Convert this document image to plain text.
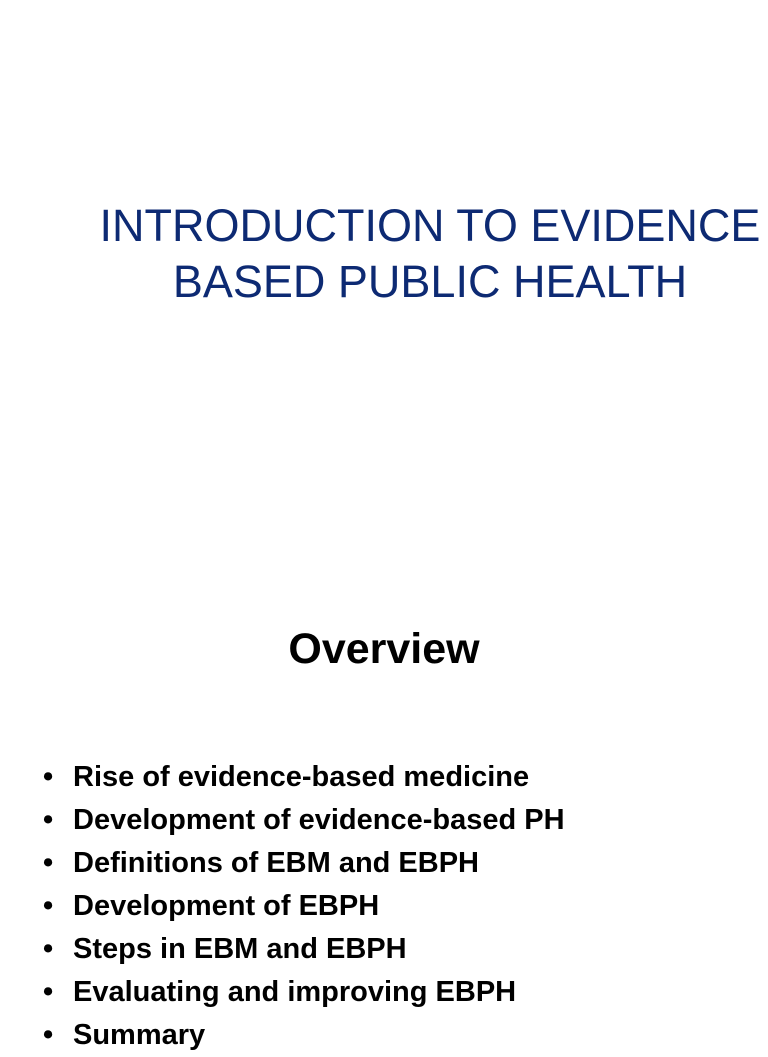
INTRODUCTION TO EVIDENCE
BASED PUBLIC HEALTH
Overview
• Rise of evidence-based medicine
• Development of evidence-based PH
• Definitions of EBM and EBPH
• Development of EBPH
• Steps in EBM and EBPH
• Evaluating and improving EBPH
• Summary
